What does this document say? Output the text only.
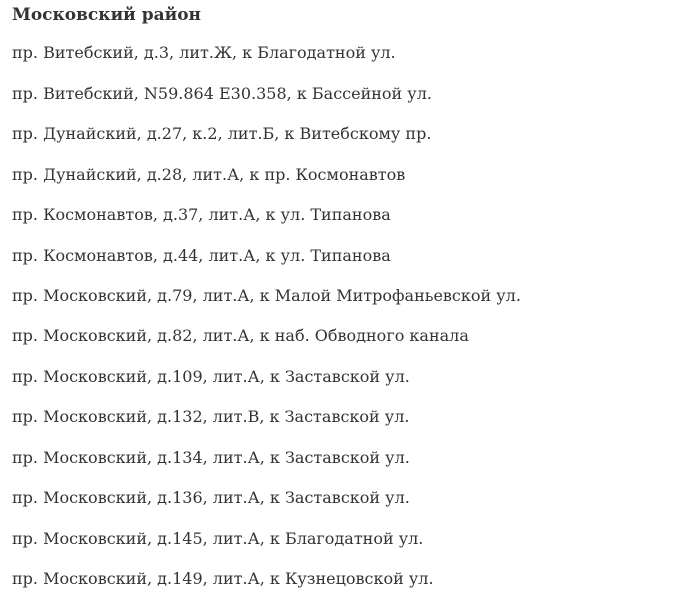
Московский район
пр. Витебский, д.3, лит.Ж, к Благодатной ул.
пр. Витебский, N59.864 E30.358, к Бассейной ул.
пр. Дунайский, д.27, к.2, лит.Б, к Витебскому пр.
пр. Дунайский, д.28, лит.А, к пр. Космонавтов
пр. Космонавтов, д.37, лит.А, к ул. Типанова
пр. Космонавтов, д.44, лит.А, к ул. Типанова
пр. Московский, д.79, лит.А, к Малой Митрофаньевской ул.
пр. Московский, д.82, лит.А, к наб. Обводного канала
пр. Московский, д.109, лит.А, к Заставской ул.
пр. Московский, д.132, лит.В, к Заставской ул.
пр. Московский, д.134, лит.А, к Заставской ул.
пр. Московский, д.136, лит.А, к Заставской ул.
пр. Московский, д.145, лит.А, к Благодатной ул.
пр. Московский, д.149, лит.А, к Кузнецовской ул.
